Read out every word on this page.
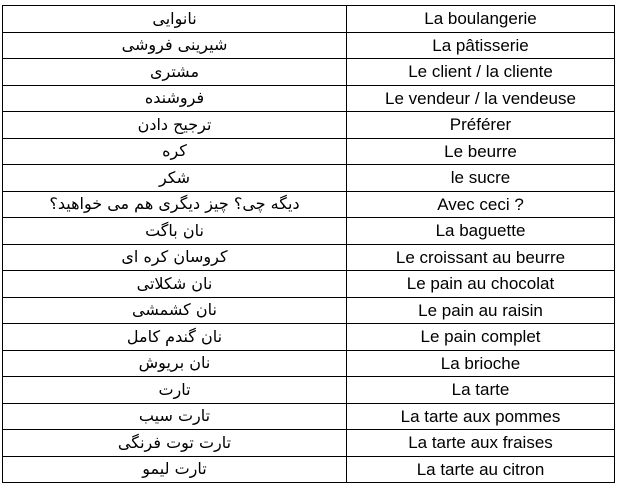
نانوایی	La boulangerie
شیرینی فروشی	La pâtisserie
مشتری	Le client / la cliente
فروشنده	Le vendeur / la vendeuse
ترجیح دادن	Préférer
کره	Le beurre
شکر	le sucre
دیگه چی؟ چیز دیگری هم می خواهید؟	Avec ceci ?
نان باگت	La baguette
کروسان کره ای	Le croissant au beurre
نان شکلاتی	Le pain au chocolat
نان کشمشی	Le pain au raisin
نان گندم کامل	Le pain complet
نان بریوش	La brioche
تارت	La tarte
تارت سیب	La tarte aux pommes
تارت توت فرنگی	La tarte aux fraises
تارت لیمو	La tarte au citron
